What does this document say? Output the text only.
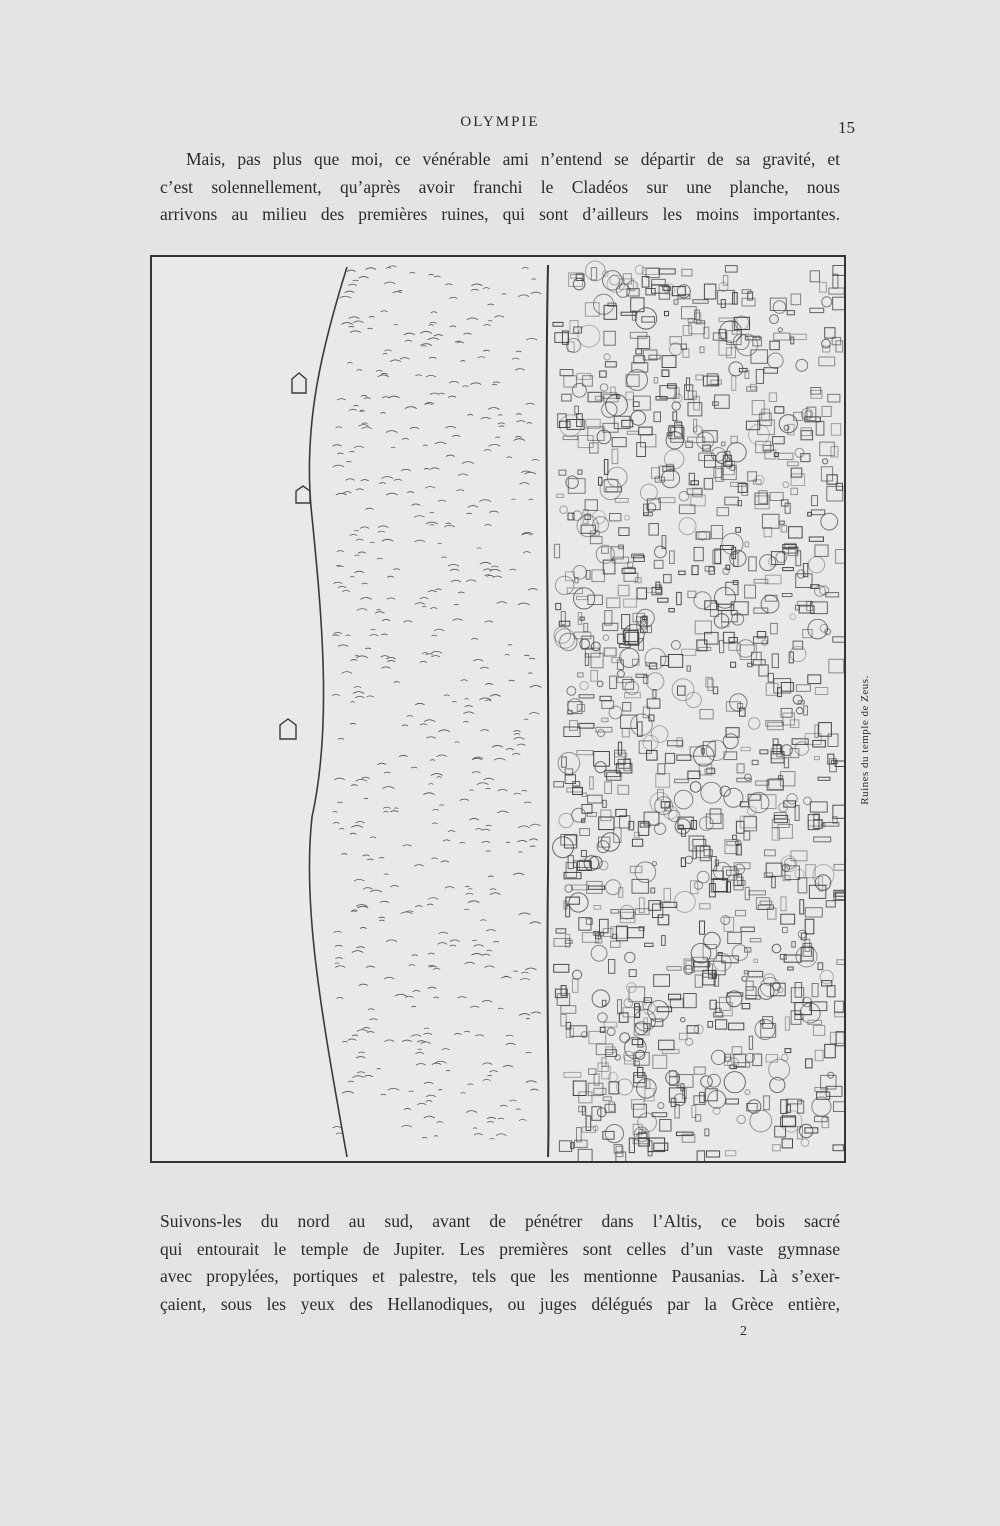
OLYMPIE	15
Mais, pas plus que moi, ce vénérable ami n’entend se départir de sa gravité, et
c’est solennellement, qu’après avoir franchi le Cladéos sur une planche, nous
arrivons au milieu des premières ruines, qui sont d’ailleurs les moins importantes.
Ruines du temple de Zeus.
Suivons-les du nord au sud, avant de pénétrer dans l’Altis, ce bois sacré
qui entourait le temple de Jupiter. Les premières sont celles d’un vaste gymnase
avec propylées, portiques et palestre, tels que les mentionne Pausanias. Là s’exer-
çaient, sous les yeux des Hellanodiques, ou juges délégués par la Grèce entière,
2
